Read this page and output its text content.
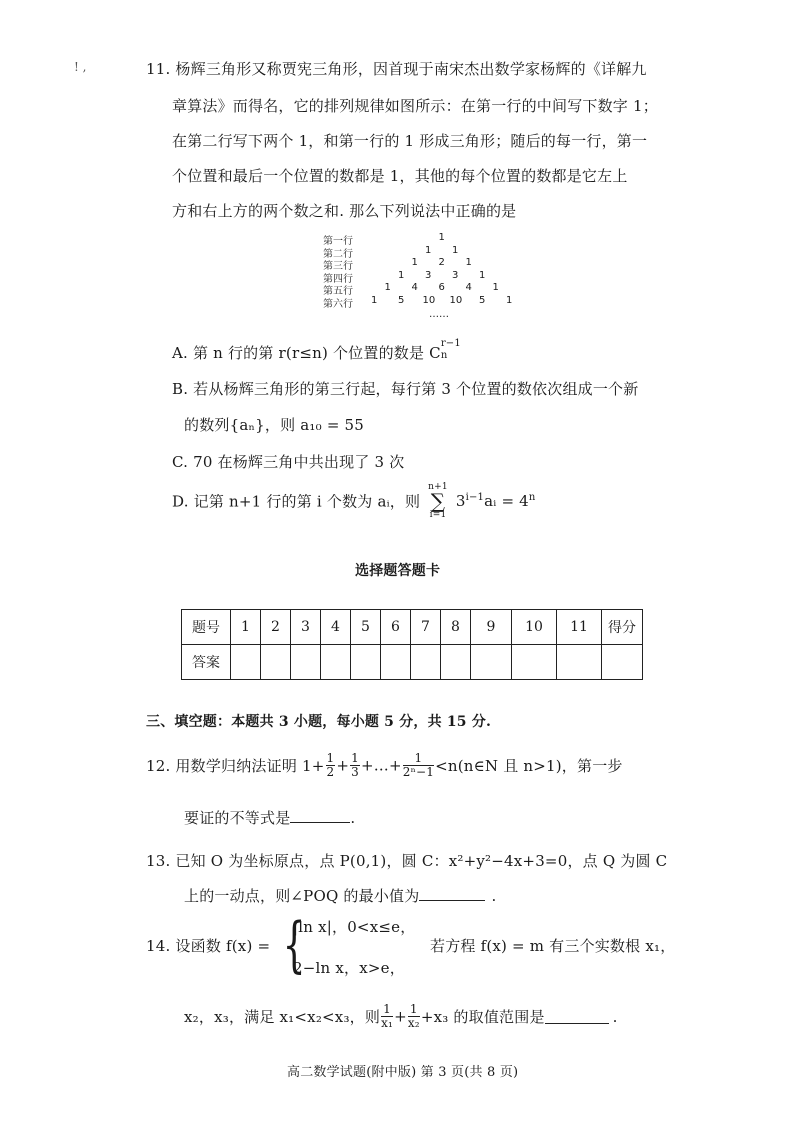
! ,	11. 杨辉三角形又称贾宪三角形，因首现于南宋杰出数学家杨辉的《详解九
章算法》而得名，它的排列规律如图所示：在第一行的中间写下数字 1；
在第二行写下两个 1，和第一行的 1 形成三角形；随后的每一行，第一
个位置和最后一个位置的数都是 1，其他的每个位置的数都是它左上
方和右上方的两个数之和. 那么下列说法中正确的是
第一行	1
第二行	1 1
第三行	1 2 1
第四行	1 3 3 1
第五行	1 4 6 4 1
第六行 1 5 10 10 5 1
……
A. 第 n 行的第 r(r≤n) 个位置的数是 C
r−1
n
B. 若从杨辉三角形的第三行起，每行第 3 个位置的数依次组成一个新
的数列{aₙ}，则 a₁₀ = 55
C. 70 在杨辉三角中共出现了 3 次
D. 记第 n+1 行的第 i 个数为 aᵢ，则
n+1
∑
i=1
$3^{i-1}aᵢ = 4^n$
选择题答题卡
题号	1	2	3	4	5	6	7	8	9	10	11	得分
答案												
三、填空题：本题共 3 小题，每小题 5 分，共 15 分.
12. 用数学归纳法证明 $1+ \frac{1}{2} + \frac{1}{3}$ +…+ $\frac{1}{\text{2ⁿ−1}}$ <n(n∈N 且 n>1)，第一步
要证的不等式是	.
13. 已知 O 为坐标原点，点 P(0,1)，圆 C：x²+y²−4x+3=0，点 Q 为圆 C
上的一动点，则∠POQ 的最小值为	.
14. 设函数 f(x) = {
|ln x|，0<x≤e，
2−ln x，x>e，
若方程 f(x) = m 有三个实数根 x₁，
x₂，x₃，满足 x₁<x₂<x₃，则 $\frac{1}{\text{x₁}} + \frac{1}{\text{x₂}} +x_3$ 的取值范围是	.
高二数学试题(附中版) 第 3 页(共 8 页)
